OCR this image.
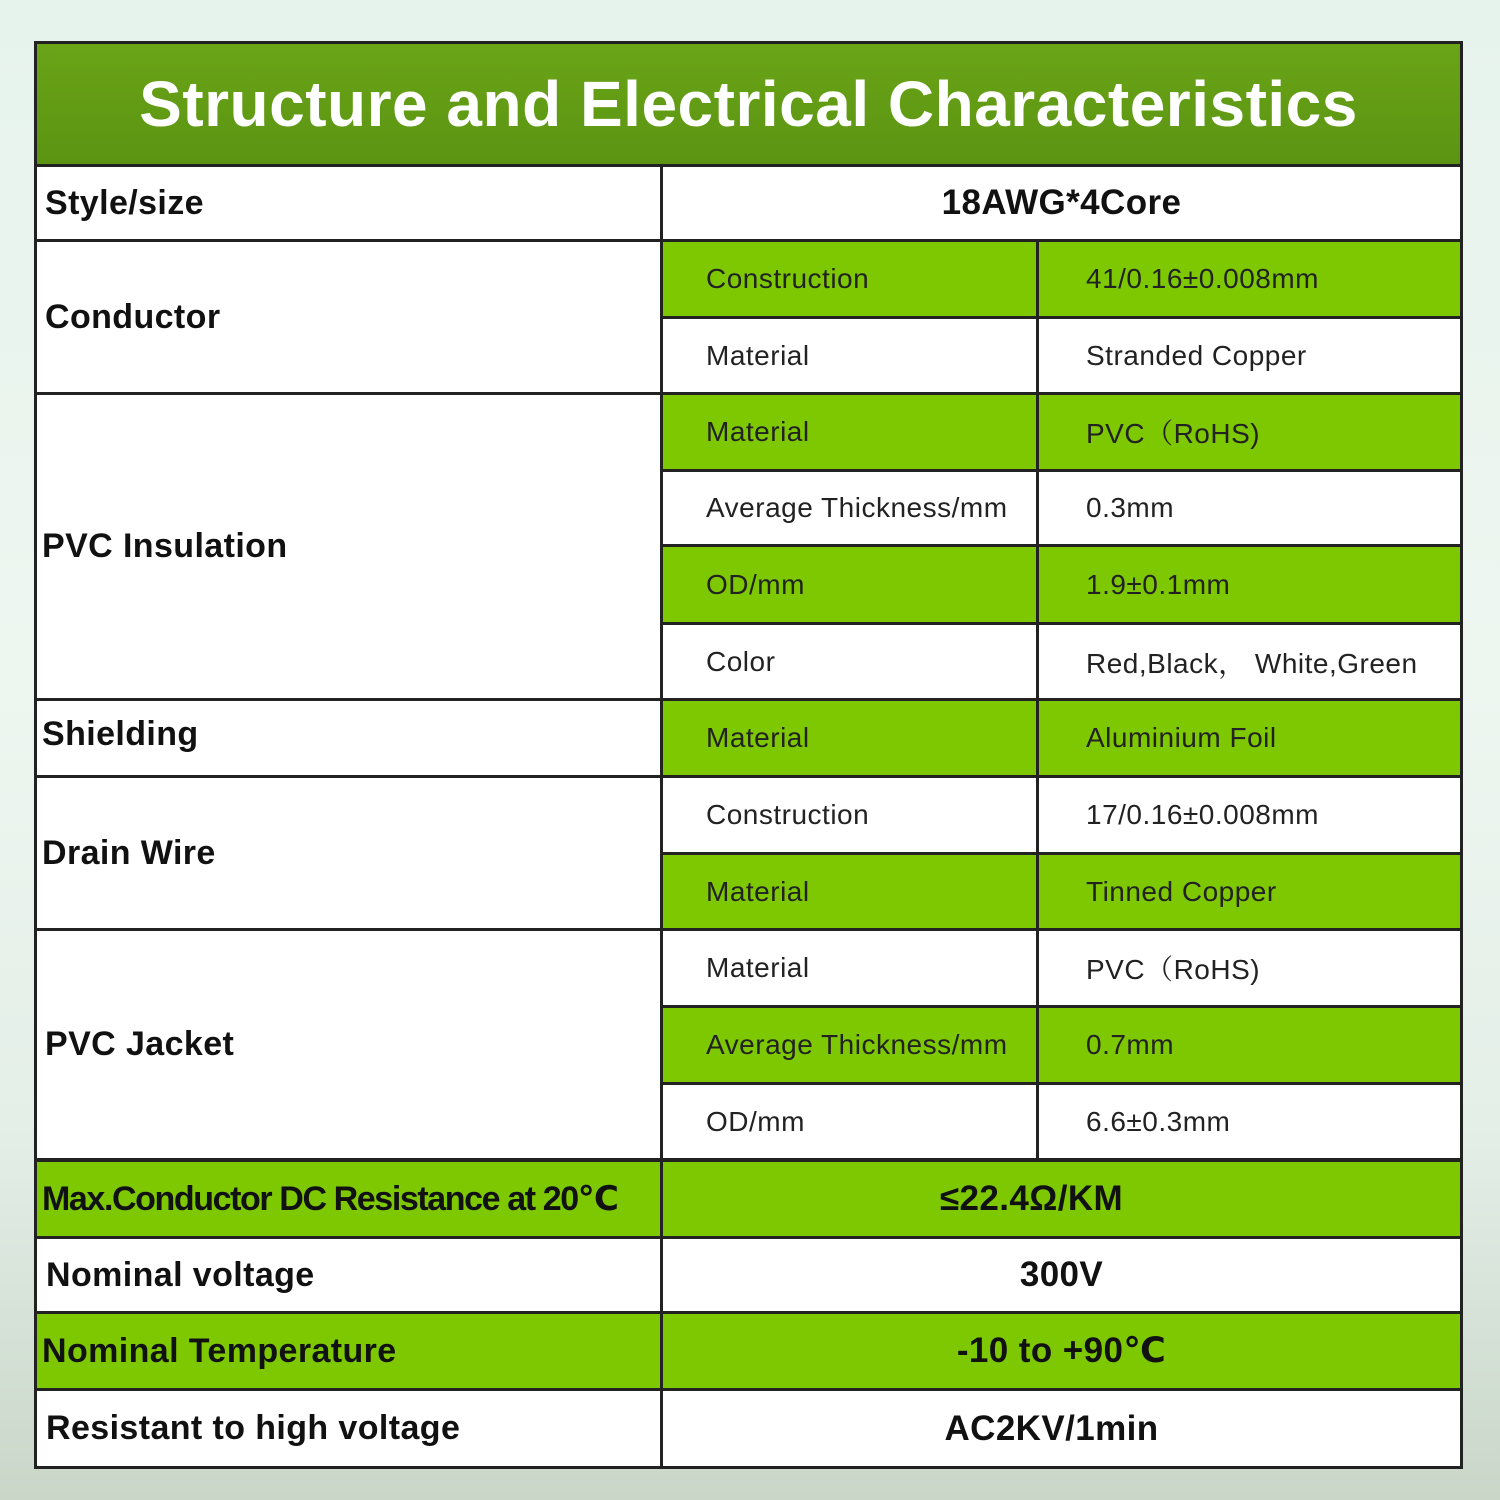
Structure and Electrical Characteristics
Style/size	18AWG*4Core
Conductor
Construction	41/0.16±0.008mm
Material	Stranded Copper
PVC Insulation
Material	PVC（RoHS)
Average Thickness/mm	0.3mm
OD/mm	1.9±0.1mm
Color	Red,Black， White,Green
Shielding	Material	Aluminium Foil
Drain Wire
Construction	17/0.16±0.008mm
Material	Tinned Copper
PVC Jacket
Material	PVC（RoHS)
Average Thickness/mm	0.7mm
OD/mm	6.6±0.3mm
Max.Conductor DC Resistance at 20℃	≤22.4Ω/KM
Nominal voltage	300V
Nominal Temperature	-10 to +90℃
Resistant to high voltage	AC2KV/1min
